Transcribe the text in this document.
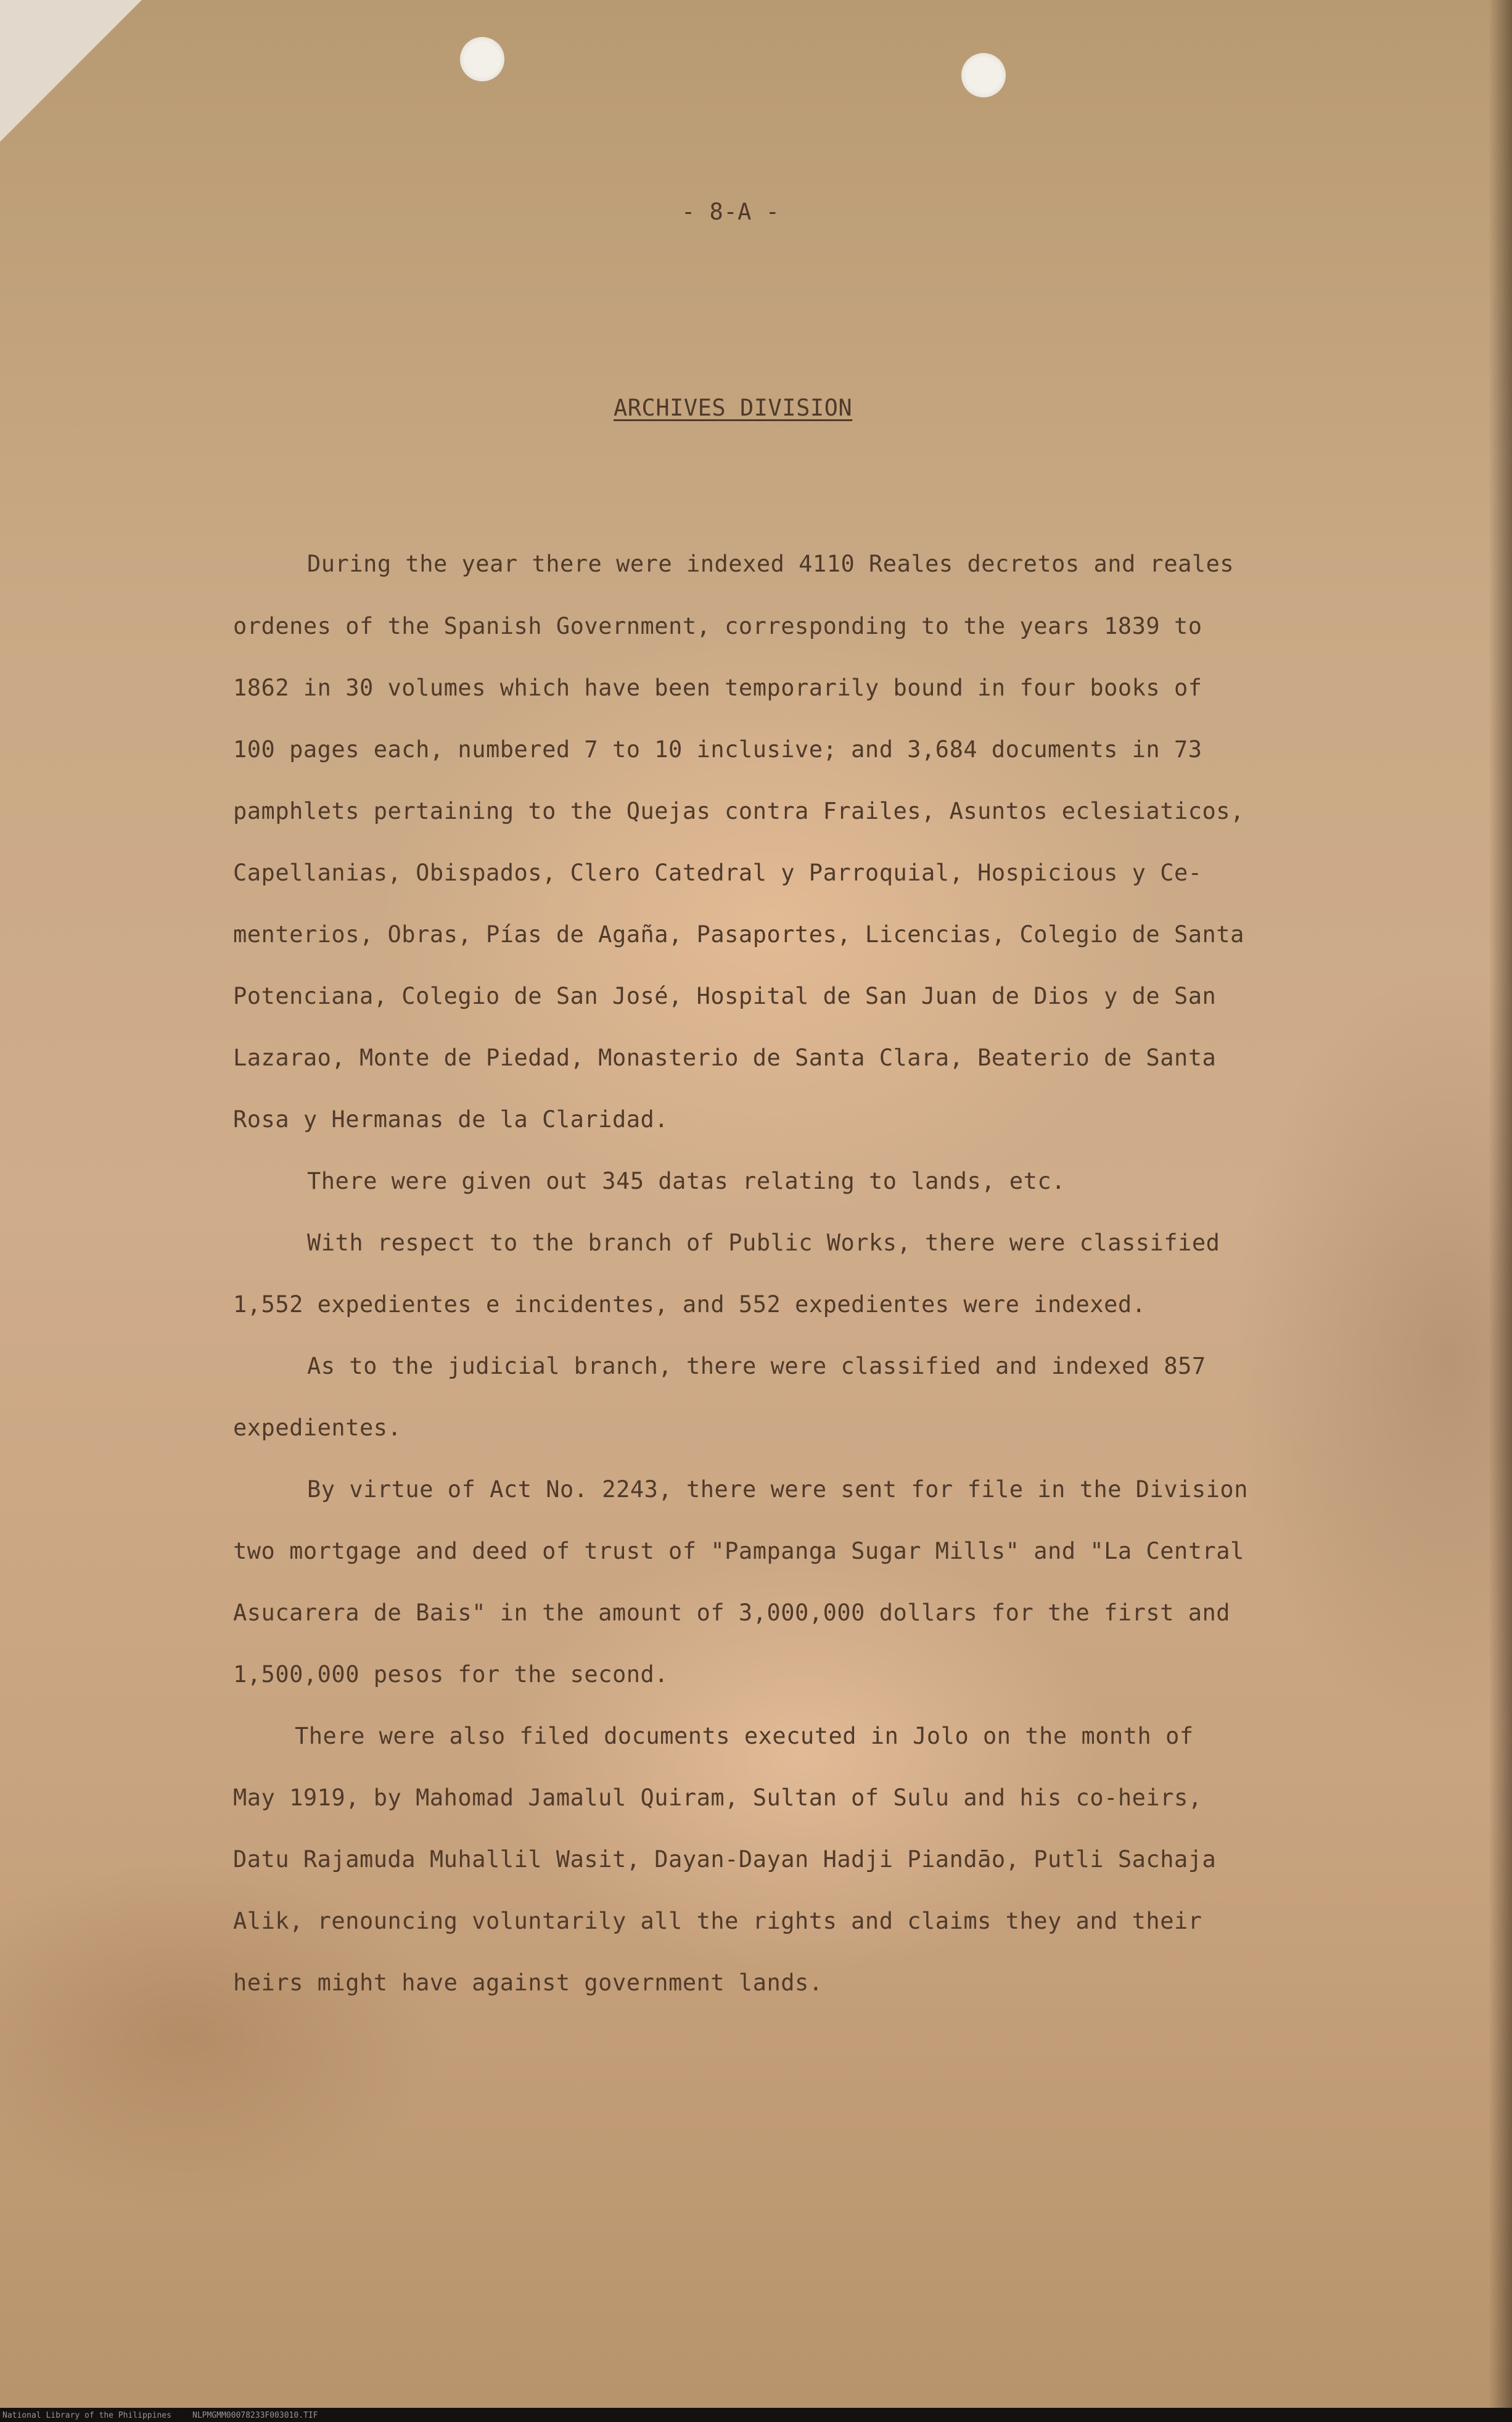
- 8-A -
ARCHIVES DIVISION
During the year there were indexed 4110 Reales decretos and reales
ordenes of the Spanish Government, corresponding to the years 1839 to
1862 in 30 volumes which have been temporarily bound in four books of
100 pages each, numbered 7 to 10 inclusive; and 3,684 documents in 73
pamphlets pertaining to the Quejas contra Frailes, Asuntos eclesiaticos,
Capellanias, Obispados, Clero Catedral y Parroquial, Hospicious y Ce-
menterios, Obras, Pías de Agaña, Pasaportes, Licencias, Colegio de Santa
Potenciana, Colegio de San José, Hospital de San Juan de Dios y de San
Lazarao, Monte de Piedad, Monasterio de Santa Clara, Beaterio de Santa
Rosa y Hermanas de la Claridad.
There were given out 345 datas relating to lands, etc.
With respect to the branch of Public Works, there were classified
1,552 expedientes e incidentes, and 552 expedientes were indexed.
As to the judicial branch, there were classified and indexed 857
expedientes.
By virtue of Act No. 2243, there were sent for file in the Division
two mortgage and deed of trust of "Pampanga Sugar Mills" and "La Central
Asucarera de Bais" in the amount of 3,000,000 dollars for the first and
1,500,000 pesos for the second.
There were also filed documents executed in Jolo on the month of
May 1919, by Mahomad Jamalul Quiram, Sultan of Sulu and his co-heirs,
Datu Rajamuda Muhallil Wasit, Dayan-Dayan Hadji Piandāo, Putli Sachaja
Alik, renouncing voluntarily all the rights and claims they and their
heirs might have against government lands.
National Library of the Philippines	NLPMGMM00078233F003010.TIF
